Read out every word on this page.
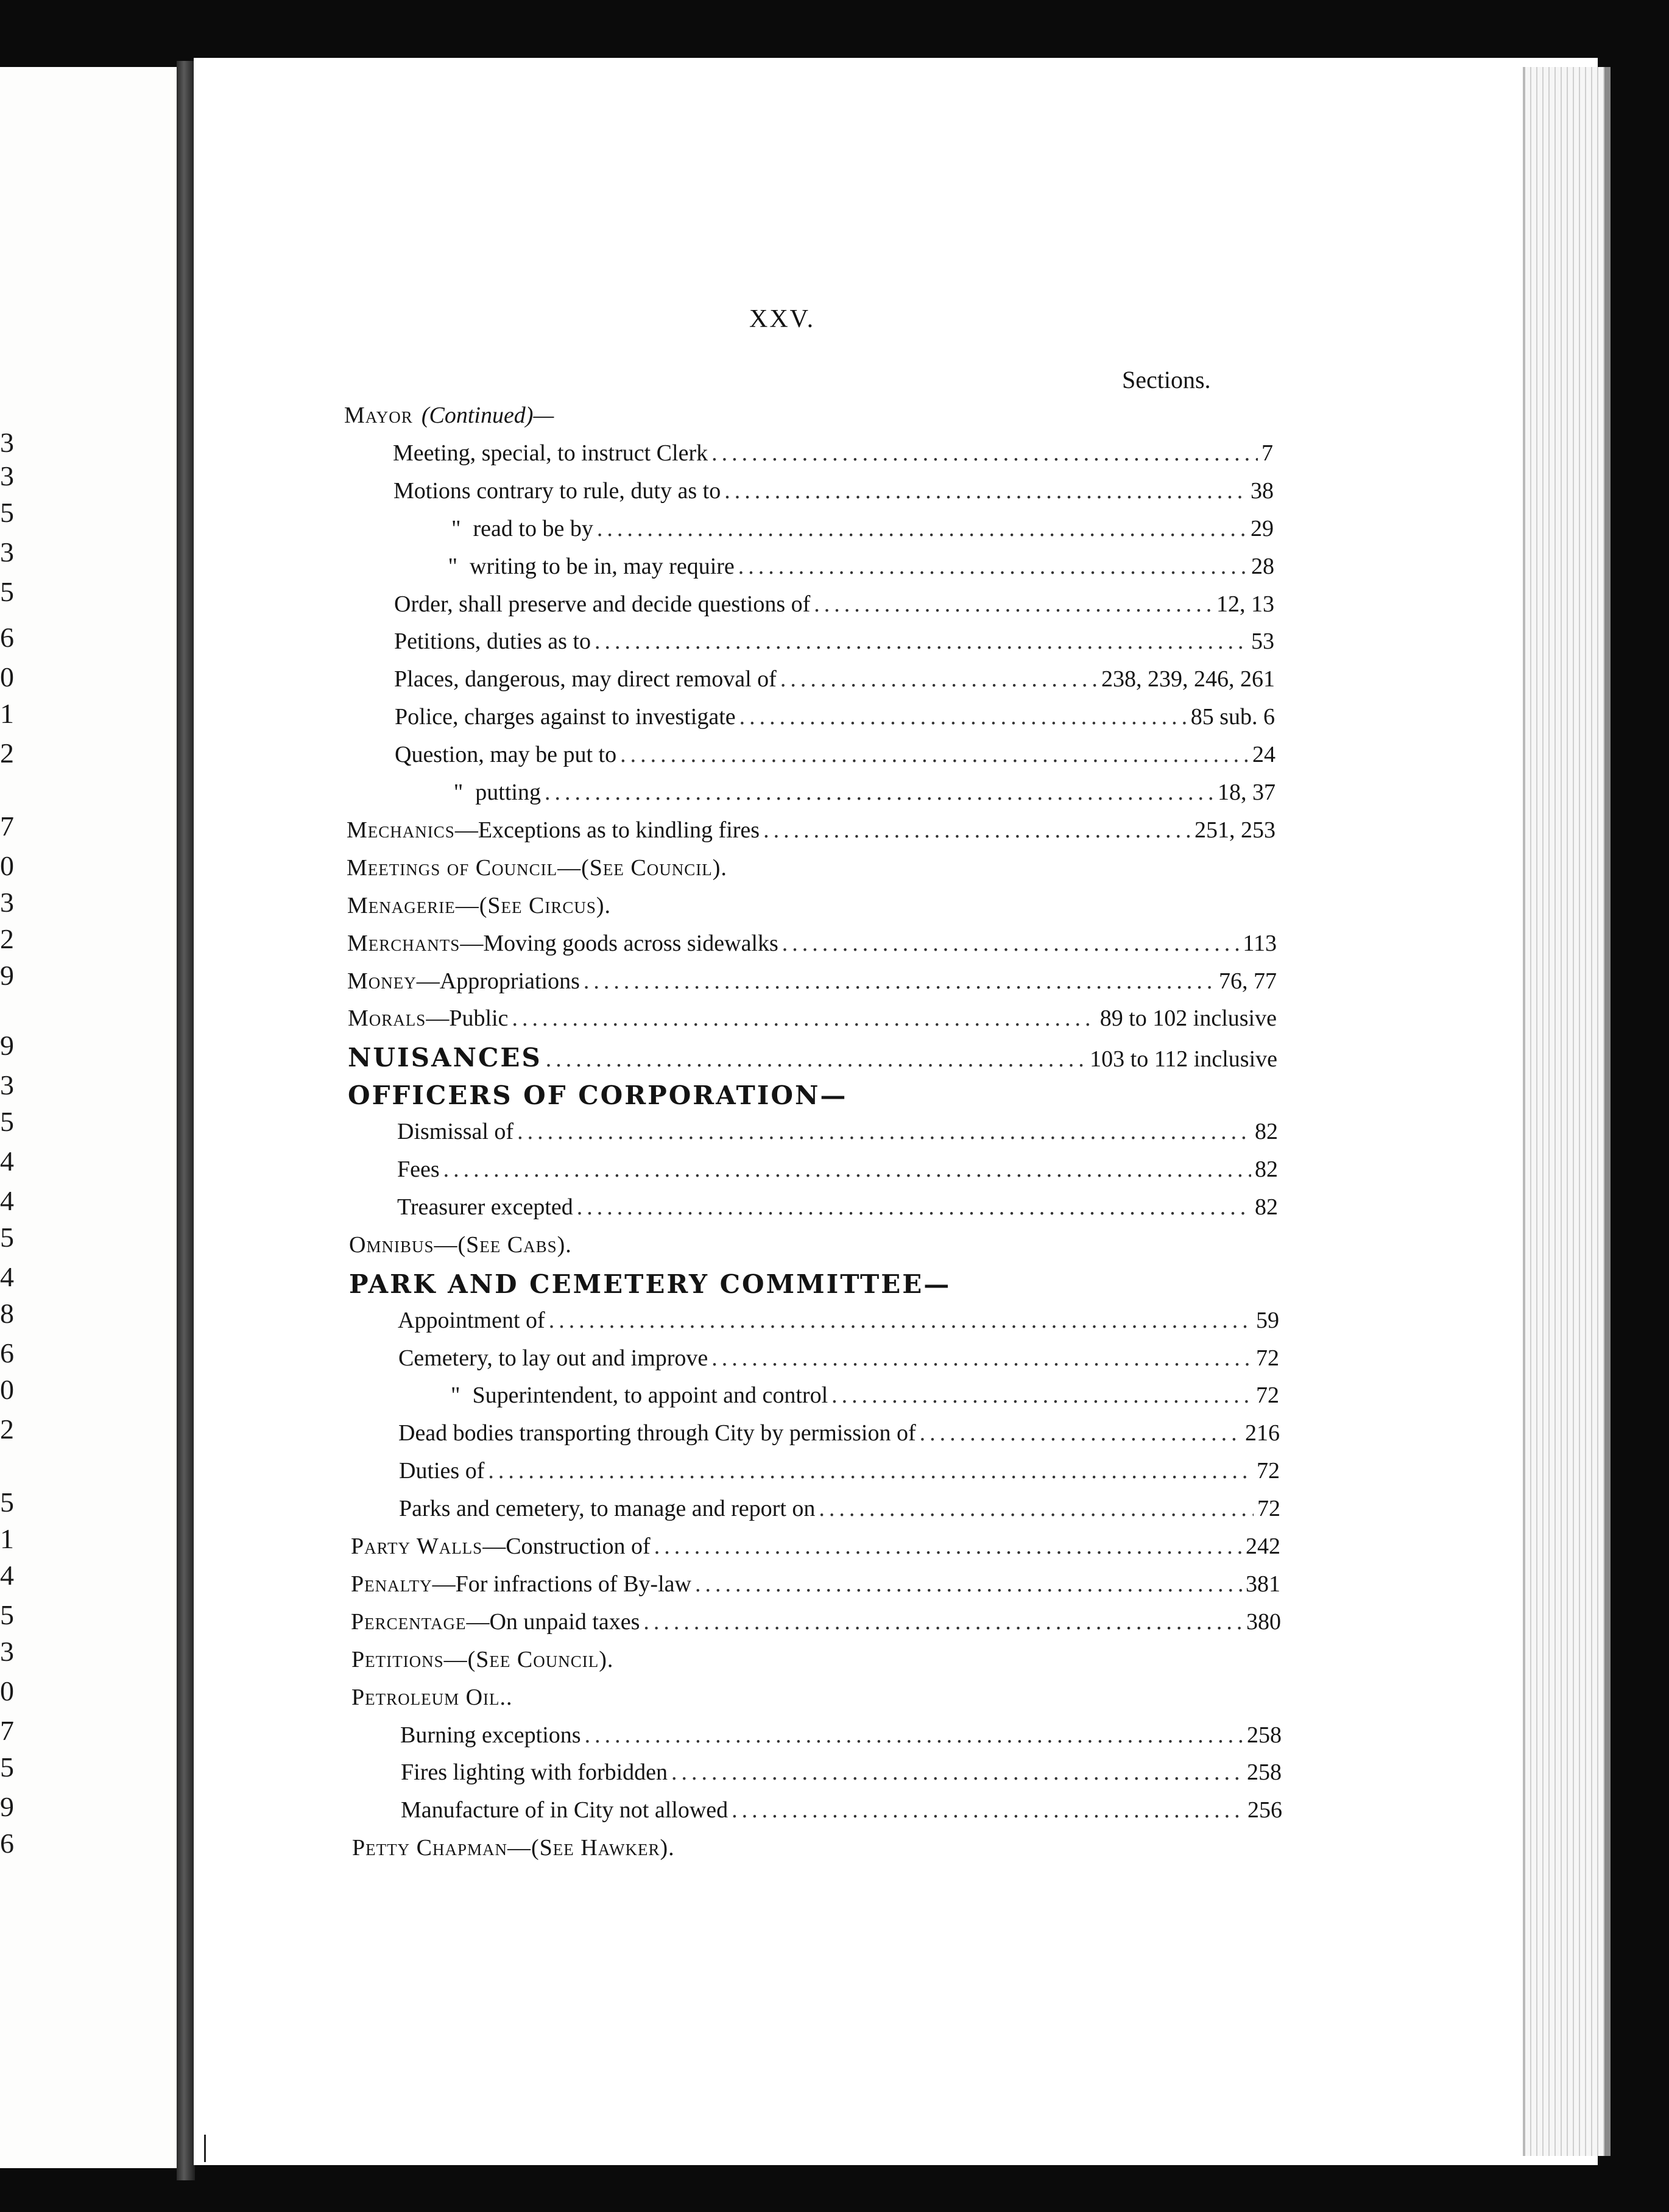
3
3
5
3
5
6
0
1
2
7
0
3
2
9
9
3
5
4
4
5
4
8
6
0
2
5
1
4
5
3
0
7
5
9
6
XXV.
Sections.
Mayor (Continued)—
Meeting, special, to instruct Clerk .....	7
Motions contrary to rule, duty as to .....	38
" read to be by .....	29
" writing to be in, may require .....	28
Order, shall preserve and decide questions of .....	12, 13
Petitions, duties as to .....	53
Places, dangerous, may direct removal of .....	238, 239, 246, 261
Police, charges against to investigate .....	85 sub. 6
Question, may be put to .....	24
" putting .....	18, 37
Mechanics—Exceptions as to kindling fires .....	251, 253
Meetings of Council—(See Council).
Menagerie—(See Circus).
Merchants—Moving goods across sidewalks .....	113
Money—Appropriations .....	76, 77
Morals—Public .....	89 to 102 inclusive
NUISANCES .....	103 to 112 inclusive
OFFICERS OF CORPORATION—
Dismissal of .....	82
Fees .....	82
Treasurer excepted .....	82
Omnibus—(See Cabs).
PARK AND CEMETERY COMMITTEE—
Appointment of .....	59
Cemetery, to lay out and improve .....	72
" Superintendent, to appoint and control .....	72
Dead bodies transporting through City by permission of .....	216
Duties of .....	72
Parks and cemetery, to manage and report on .....	72
Party Walls—Construction of .....	242
Penalty—For infractions of By-law .....	381
Percentage—On unpaid taxes .....	380
Petitions—(See Council).
Petroleum Oil..
Burning exceptions .....	258
Fires lighting with forbidden .....	258
Manufacture of in City not allowed .....	256
Petty Chapman—(See Hawker).
